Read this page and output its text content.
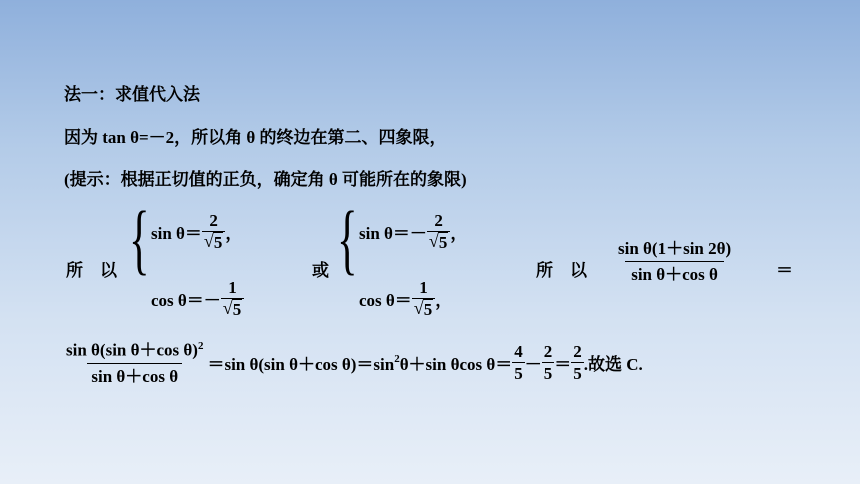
法一：求值代入法
因为 tan θ=－2，所以角 θ 的终边在第二、四象限，
(提示：根据正切值的正负，确定角 θ 可能所在的象限)
所　以 { $\sin \theta= \frac{2}{√ 5}$ ，
$\cos \theta=- \frac{1}{√ 5}$
或 { $\sin \theta=- \frac{2}{√ 5}$ ，
$\cos \theta= \frac{1}{√ 5}$ ，
所　以 $\frac{\text{sin θ(1＋sin 2θ)}}{\text{sin θ＋cos θ}}$ ＝
$\frac{\sin \theta(\sin \theta+\cos \theta)^2}{\text{sin θ＋cos θ}} =\sin$ θ(sin θ＋cos $\theta)=\sin^2$ θ＋sin θcos $\theta= \frac{4}{5} - \frac{2}{5} = \frac{2}{5}$ .故选 C.
